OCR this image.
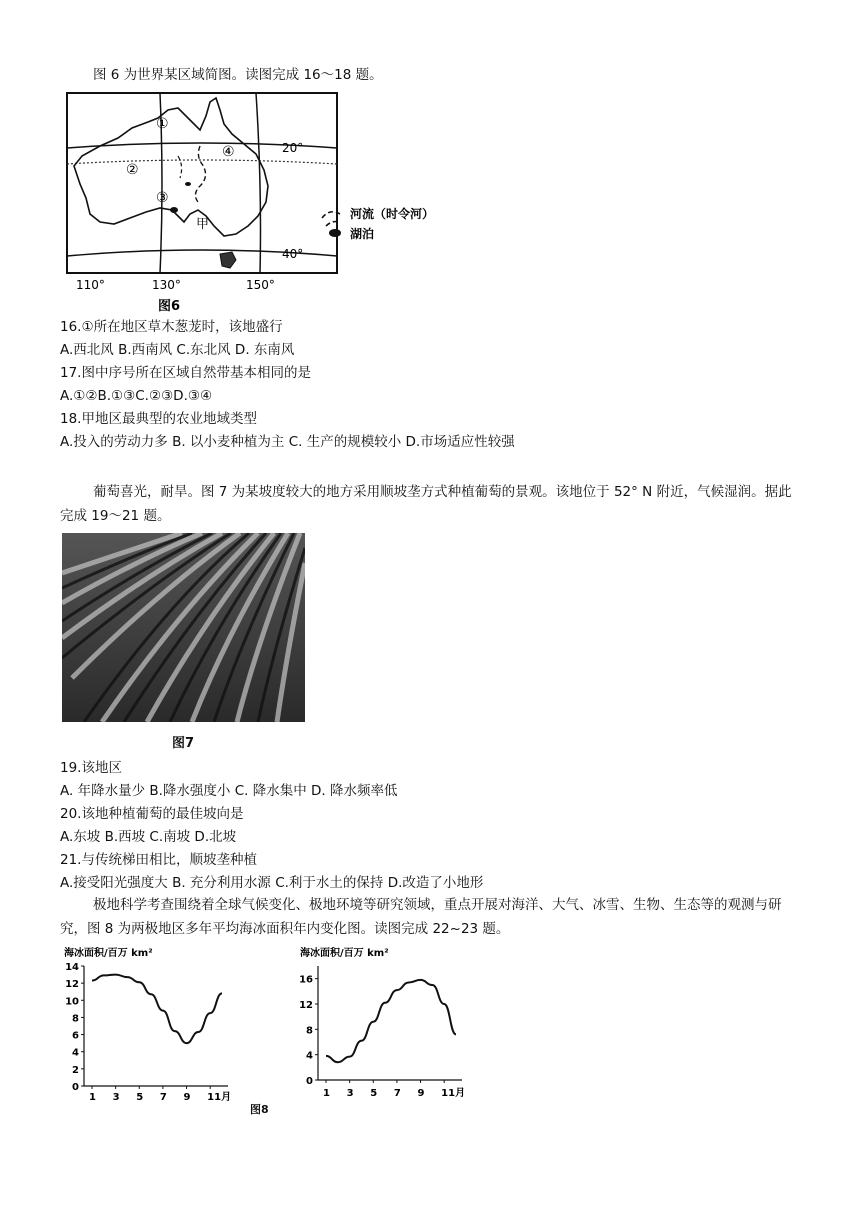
图 6 为世界某区域简图。读图完成 16～18 题。
①
②
③
④
甲
20°
40°
110°	130°	150°
图6
河流（时令河）
湖泊
16.①所在地区草木葱茏时，该地盛行
A.西北风 B.西南风 C.东北风 D. 东南风
17.图中序号所在区域自然带基本相同的是
A.①②B.①③C.②③D.③④
18.甲地区最典型的农业地域类型
A.投入的劳动力多 B. 以小麦种植为主 C. 生产的规模较小 D.市场适应性较强
葡萄喜光，耐旱。图 7 为某坡度较大的地方采用顺坡垄方式种植葡萄的景观。该地位于 52° N 附近，气候湿润。据此完成 19～21 题。
图7
19.该地区
A. 年降水量少 B.降水强度小 C. 降水集中 D. 降水频率低
20.该地种植葡萄的最佳坡向是
A.东坡 B.西坡 C.南坡 D.北坡
21.与传统梯田相比，顺坡垄种植
A.接受阳光强度大 B. 充分利用水源 C.利于水土的保持 D.改造了小地形
极地科学考查围绕着全球气候变化、极地环境等研究领域，重点开展对海洋、大气、冰雪、生物、生态等的观测与研究，图 8 为两极地区多年平均海冰面积年内变化图。读图完成 22~23 题。
海冰面积/百万 km²
0
2
4
6
8
10
12
14
1 3 5 7 9 11月
海冰面积/百万 km²
0
4
8
12
16
1 3 5 7 9 11月
图8
